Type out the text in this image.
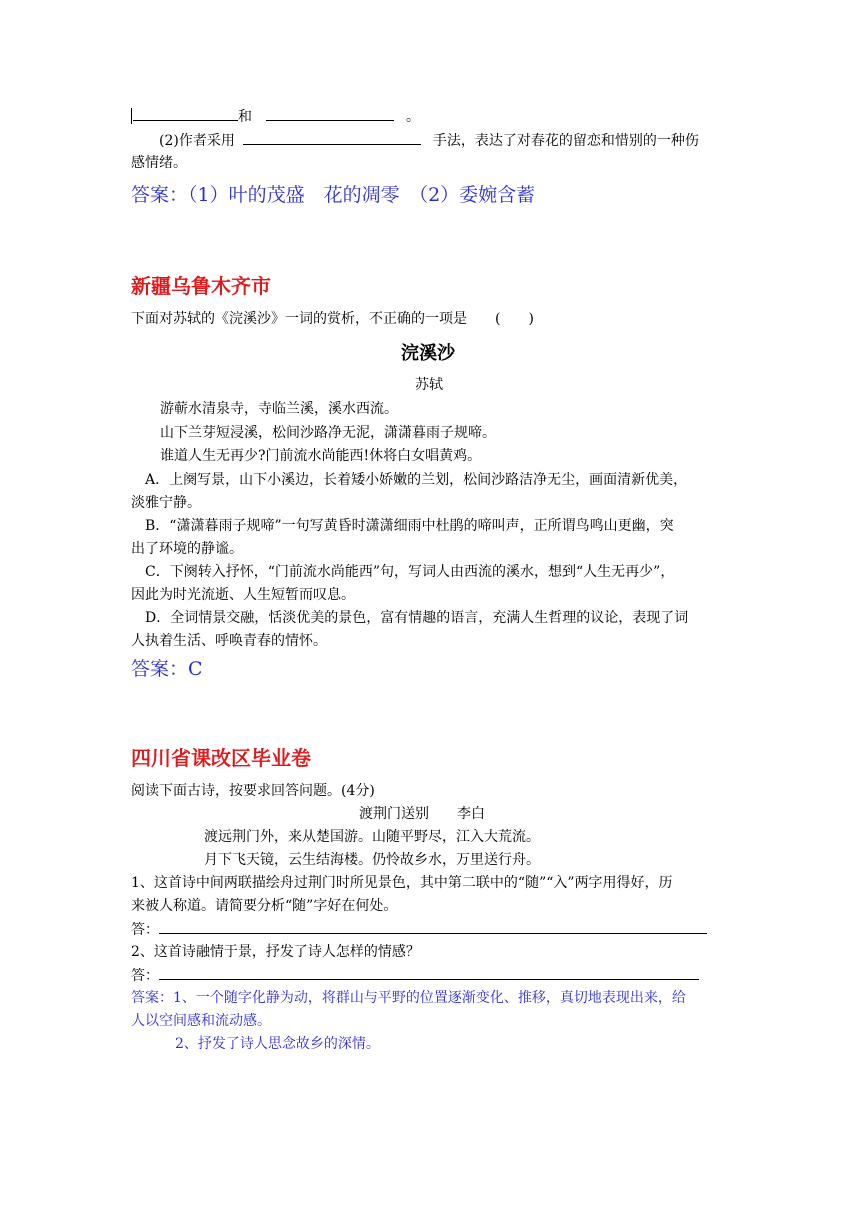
和	。
(2)作者采用	手法，表达了对春花的留恋和惜别的一种伤
感情绪。
答案：（1）叶的茂盛　花的凋零　（2）委婉含蓄
新疆乌鲁木齐市
下面对苏轼的《浣溪沙》一词的赏析，不正确的一项是　　(　　)
浣溪沙
苏轼
游蕲水清泉寺，寺临兰溪，溪水西流。
山下兰芽短浸溪，松间沙路净无泥，潇潇暮雨子规啼。
谁道人生无再少?门前流水尚能西!休将白女唱黄鸡。
A．上阕写景，山下小溪边，长着矮小娇嫩的兰划，松间沙路洁净无尘，画面清新优美，
淡雅宁静。
B．“潇潇暮雨子规啼”一句写黄昏时潇潇细雨中杜鹃的啼叫声，正所谓鸟鸣山更幽，突
出了环境的静谧。
C．下阕转入抒怀，“门前流水尚能西”句，写词人由西流的溪水，想到“人生无再少”，
因此为时光流逝、人生短暂而叹息。
D．全词情景交融，恬淡优美的景色，富有情趣的语言，充满人生哲理的议论，表现了词
人执着生活、呼唤青春的情怀。
答案：C
四川省课改区毕业卷
阅读下面古诗，按要求回答问题。(4分)
渡荆门送别　　李白
渡远荆门外，来从楚国游。山随平野尽，江入大荒流。
月下飞天镜，云生结海楼。仍怜故乡水，万里送行舟。
1、这首诗中间两联描绘舟过荆门时所见景色，其中第二联中的“随”“入”两字用得好，历
来被人称道。请简要分析“随”字好在何处。
答：
2、这首诗融情于景，抒发了诗人怎样的情感？
答：
答案：1、一个随字化静为动，将群山与平野的位置逐渐变化、推移，真切地表现出来，给
人以空间感和流动感。
2、抒发了诗人思念故乡的深情。
